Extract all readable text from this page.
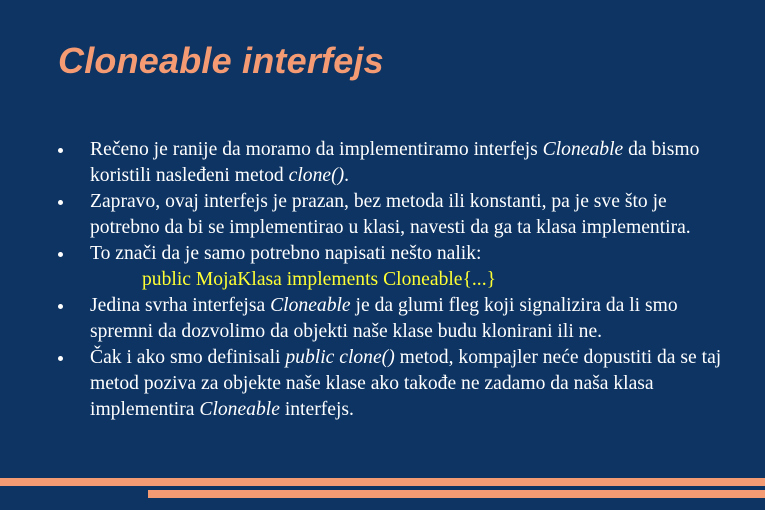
Cloneable interfejs
Rečeno je ranije da moramo da implementiramo interfejs Cloneable da bismo koristili nasleđeni metod clone().
Zapravo, ovaj interfejs je prazan, bez metoda ili konstanti, pa je sve što je potrebno da bi se implementirao u klasi, navesti da ga ta klasa implementira.
To znači da je samo potrebno napisati nešto nalik:
public MojaKlasa implements Cloneable{...}
Jedina svrha interfejsa Cloneable je da glumi fleg koji signalizira da li smo spremni da dozvolimo da objekti naše klase budu klonirani ili ne.
Čak i ako smo definisali public clone() metod, kompajler neće dopustiti da se taj metod poziva za objekte naše klase ako takođe ne zadamo da naša klasa implementira Cloneable interfejs.
